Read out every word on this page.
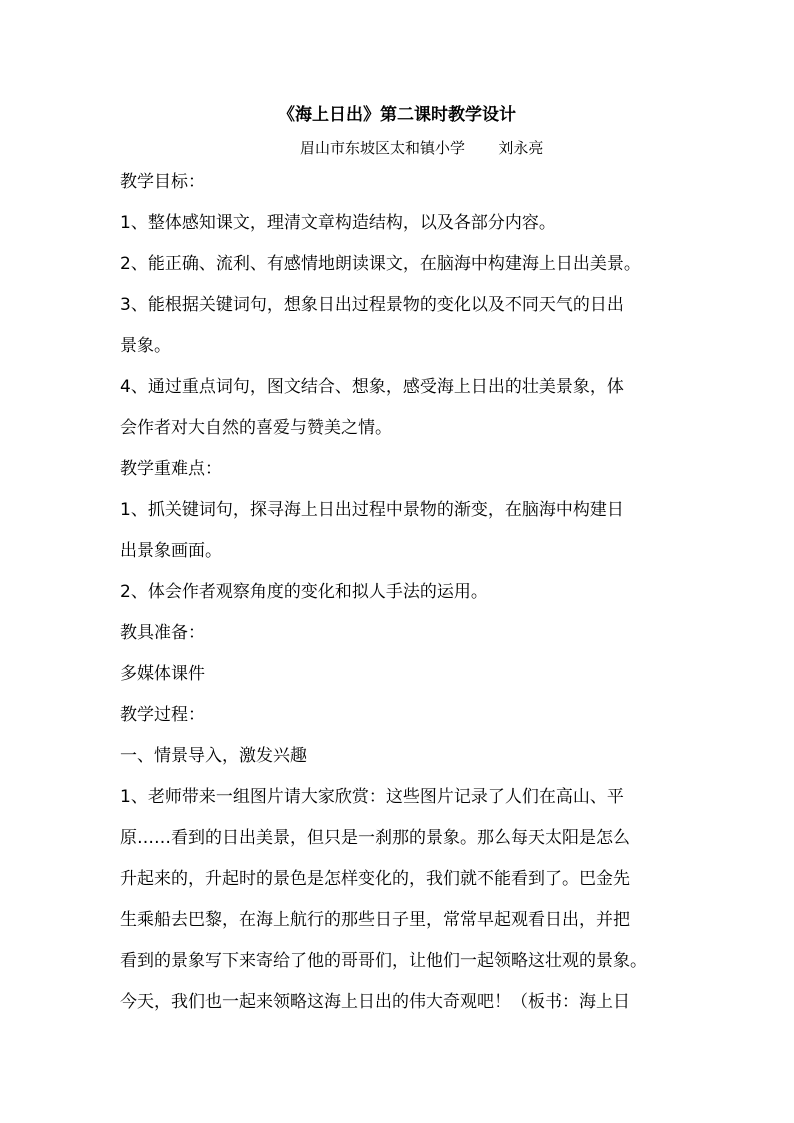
《海上日出》第二课时教学设计
眉山市东坡区太和镇小学       刘永亮
教学目标：
1、整体感知课文，理清文章构造结构，以及各部分内容。
2、能正确、流利、有感情地朗读课文，在脑海中构建海上日出美景。
3、能根据关键词句，想象日出过程景物的变化以及不同天气的日出
景象。
4、通过重点词句，图文结合、想象，感受海上日出的壮美景象，体
会作者对大自然的喜爱与赞美之情。
教学重难点：
1、抓关键词句，探寻海上日出过程中景物的渐变，在脑海中构建日
出景象画面。
2、体会作者观察角度的变化和拟人手法的运用。
教具准备：
多媒体课件
教学过程：
一、情景导入，激发兴趣
1、老师带来一组图片请大家欣赏：这些图片记录了人们在高山、平
原……看到的日出美景，但只是一刹那的景象。那么每天太阳是怎么
升起来的，升起时的景色是怎样变化的，我们就不能看到了。巴金先
生乘船去巴黎，在海上航行的那些日子里，常常早起观看日出，并把
看到的景象写下来寄给了他的哥哥们，让他们一起领略这壮观的景象。
今天，我们也一起来领略这海上日出的伟大奇观吧！（板书：海上日
